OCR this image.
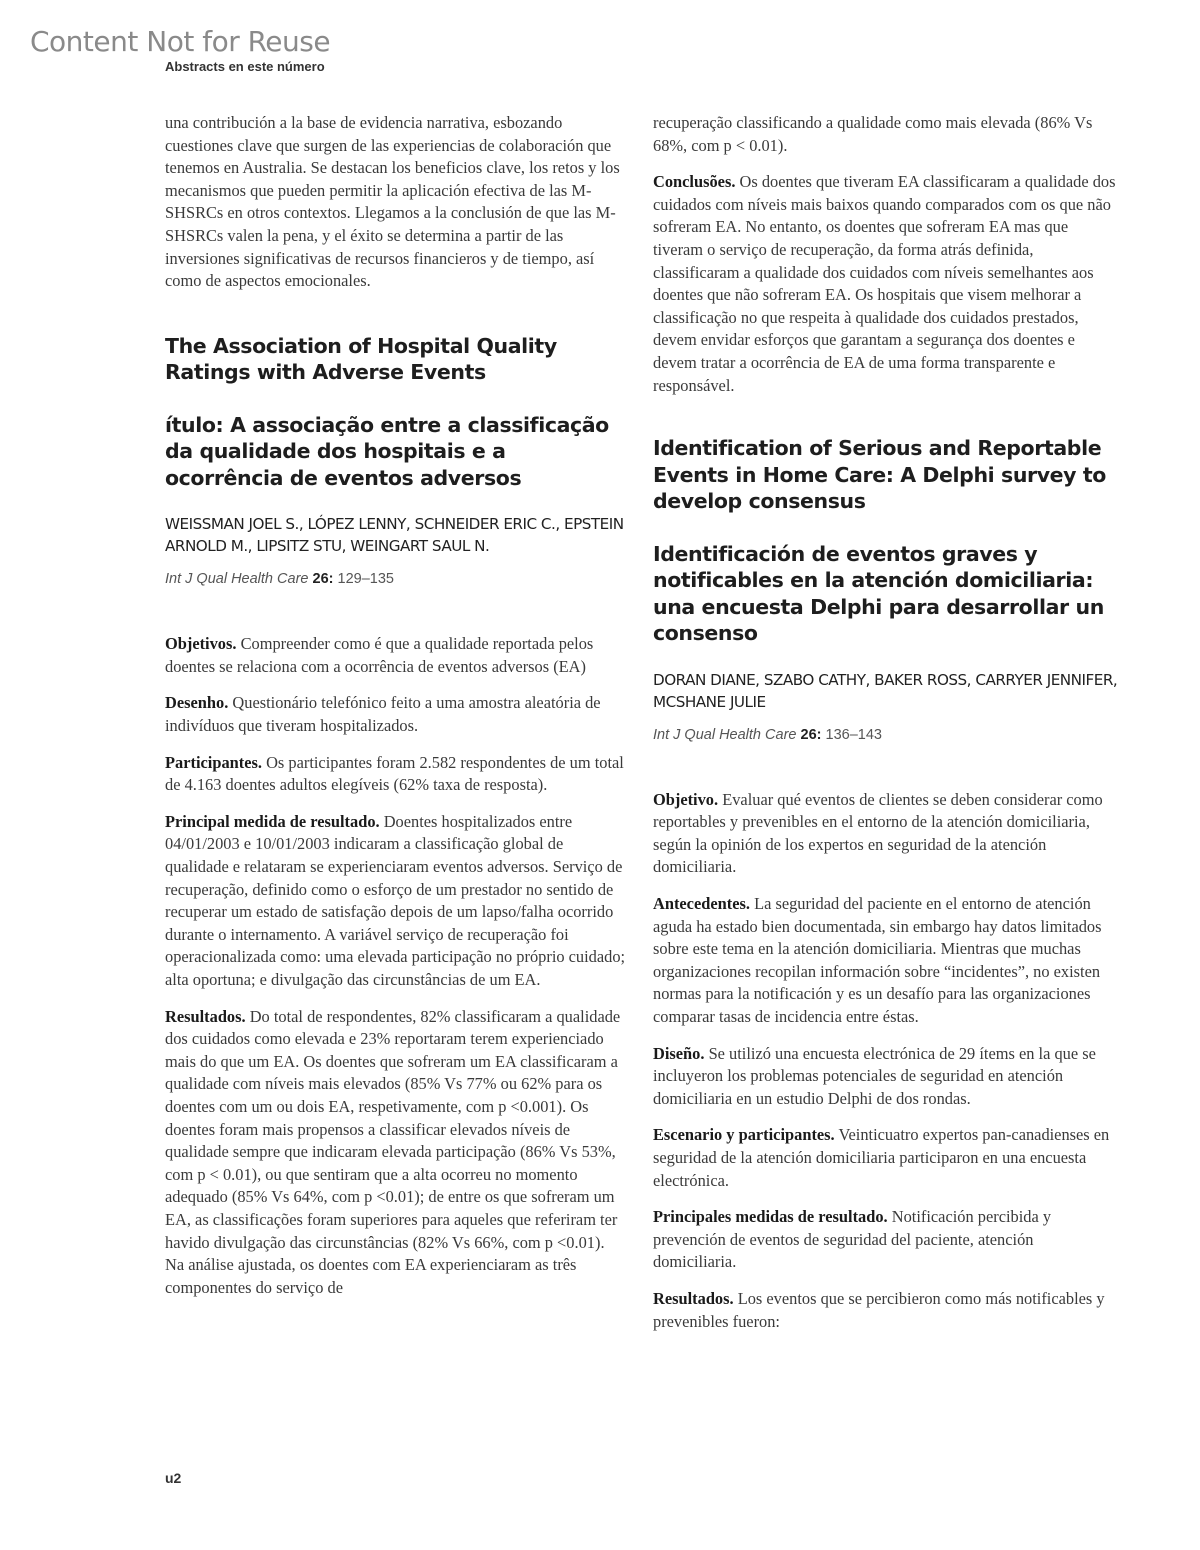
Content Not for Reuse
Abstracts en este número

una contribución a la base de evidencia narrativa, esbozando cuestiones clave que surgen de las experiencias de colaboración que tenemos en Australia. Se destacan los beneficios clave, los retos y los mecanismos que pueden permitir la aplicación efectiva de las M-SHSRCs en otros contextos. Llegamos a la conclusión de que las M-SHSRCs valen la pena, y el éxito se determina a partir de las inversiones significativas de recursos financieros y de tiempo, así como de aspectos emocionales.

The Association of Hospital Quality Ratings with Adverse Events
ítulo: A associação entre a classificação da qualidade dos hospitais e a ocorrência de eventos adversos

WEISSMAN JOEL S., LÓPEZ LENNY, SCHNEIDER ERIC C., EPSTEIN ARNOLD M., LIPSITZ STU, WEINGART SAUL N.

Int J Qual Health Care 26: 129–135

Objetivos. Compreender como é que a qualidade reportada pelos doentes se relaciona com a ocorrência de eventos adversos (EA)

Desenho. Questionário telefónico feito a uma amostra aleatória de indivíduos que tiveram hospitalizados.

Participantes. Os participantes foram 2.582 respondentes de um total de 4.163 doentes adultos elegíveis (62% taxa de resposta).

Principal medida de resultado. Doentes hospitalizados entre 04/01/2003 e 10/01/2003 indicaram a classificação global de qualidade e relataram se experienciaram eventos adversos. Serviço de recuperação, definido como o esforço de um prestador no sentido de recuperar um estado de satisfação depois de um lapso/falha ocorrido durante o internamento. A variável serviço de recuperação foi operacionalizada como: uma elevada participação no próprio cuidado; alta oportuna; e divulgação das circunstâncias de um EA.

Resultados. Do total de respondentes, 82% classificaram a qualidade dos cuidados como elevada e 23% reportaram terem experienciado mais do que um EA. Os doentes que sofreram um EA classificaram a qualidade com níveis mais elevados (85% Vs 77% ou 62% para os doentes com um ou dois EA, respetivamente, com p <0.001). Os doentes foram mais propensos a classificar elevados níveis de qualidade sempre que indicaram elevada participação (86% Vs 53%, com p < 0.01), ou que sentiram que a alta ocorreu no momento adequado (85% Vs 64%, com p <0.01); de entre os que sofreram um EA, as classificações foram superiores para aqueles que referiram ter havido divulgação das circunstâncias (82% Vs 66%, com p <0.01). Na análise ajustada, os doentes com EA experienciaram as três componentes do serviço de

recuperação classificando a qualidade como mais elevada (86% Vs 68%, com p < 0.01).

Conclusões. Os doentes que tiveram EA classificaram a qualidade dos cuidados com níveis mais baixos quando comparados com os que não sofreram EA. No entanto, os doentes que sofreram EA mas que tiveram o serviço de recuperação, da forma atrás definida, classificaram a qualidade dos cuidados com níveis semelhantes aos doentes que não sofreram EA. Os hospitais que visem melhorar a classificação no que respeita à qualidade dos cuidados prestados, devem envidar esforços que garantam a segurança dos doentes e devem tratar a ocorrência de EA de uma forma transparente e responsável.

Identification of Serious and Reportable Events in Home Care: A Delphi survey to develop consensus
Identificación de eventos graves y notificables en la atención domiciliaria: una encuesta Delphi para desarrollar un consenso

DORAN DIANE, SZABO CATHY, BAKER ROSS, CARRYER JENNIFER, MCSHANE JULIE

Int J Qual Health Care 26: 136–143

Objetivo. Evaluar qué eventos de clientes se deben considerar como reportables y prevenibles en el entorno de la atención domiciliaria, según la opinión de los expertos en seguridad de la atención domiciliaria.

Antecedentes. La seguridad del paciente en el entorno de atención aguda ha estado bien documentada, sin embargo hay datos limitados sobre este tema en la atención domiciliaria. Mientras que muchas organizaciones recopilan información sobre “incidentes”, no existen normas para la notificación y es un desafío para las organizaciones comparar tasas de incidencia entre éstas.

Diseño. Se utilizó una encuesta electrónica de 29 ítems en la que se incluyeron los problemas potenciales de seguridad en atención domiciliaria en un estudio Delphi de dos rondas.

Escenario y participantes. Veinticuatro expertos pan-canadienses en seguridad de la atención domiciliaria participaron en una encuesta electrónica.

Principales medidas de resultado. Notificación percibida y prevención de eventos de seguridad del paciente, atención domiciliaria.

Resultados. Los eventos que se percibieron como más notificables y prevenibles fueron:

u2
